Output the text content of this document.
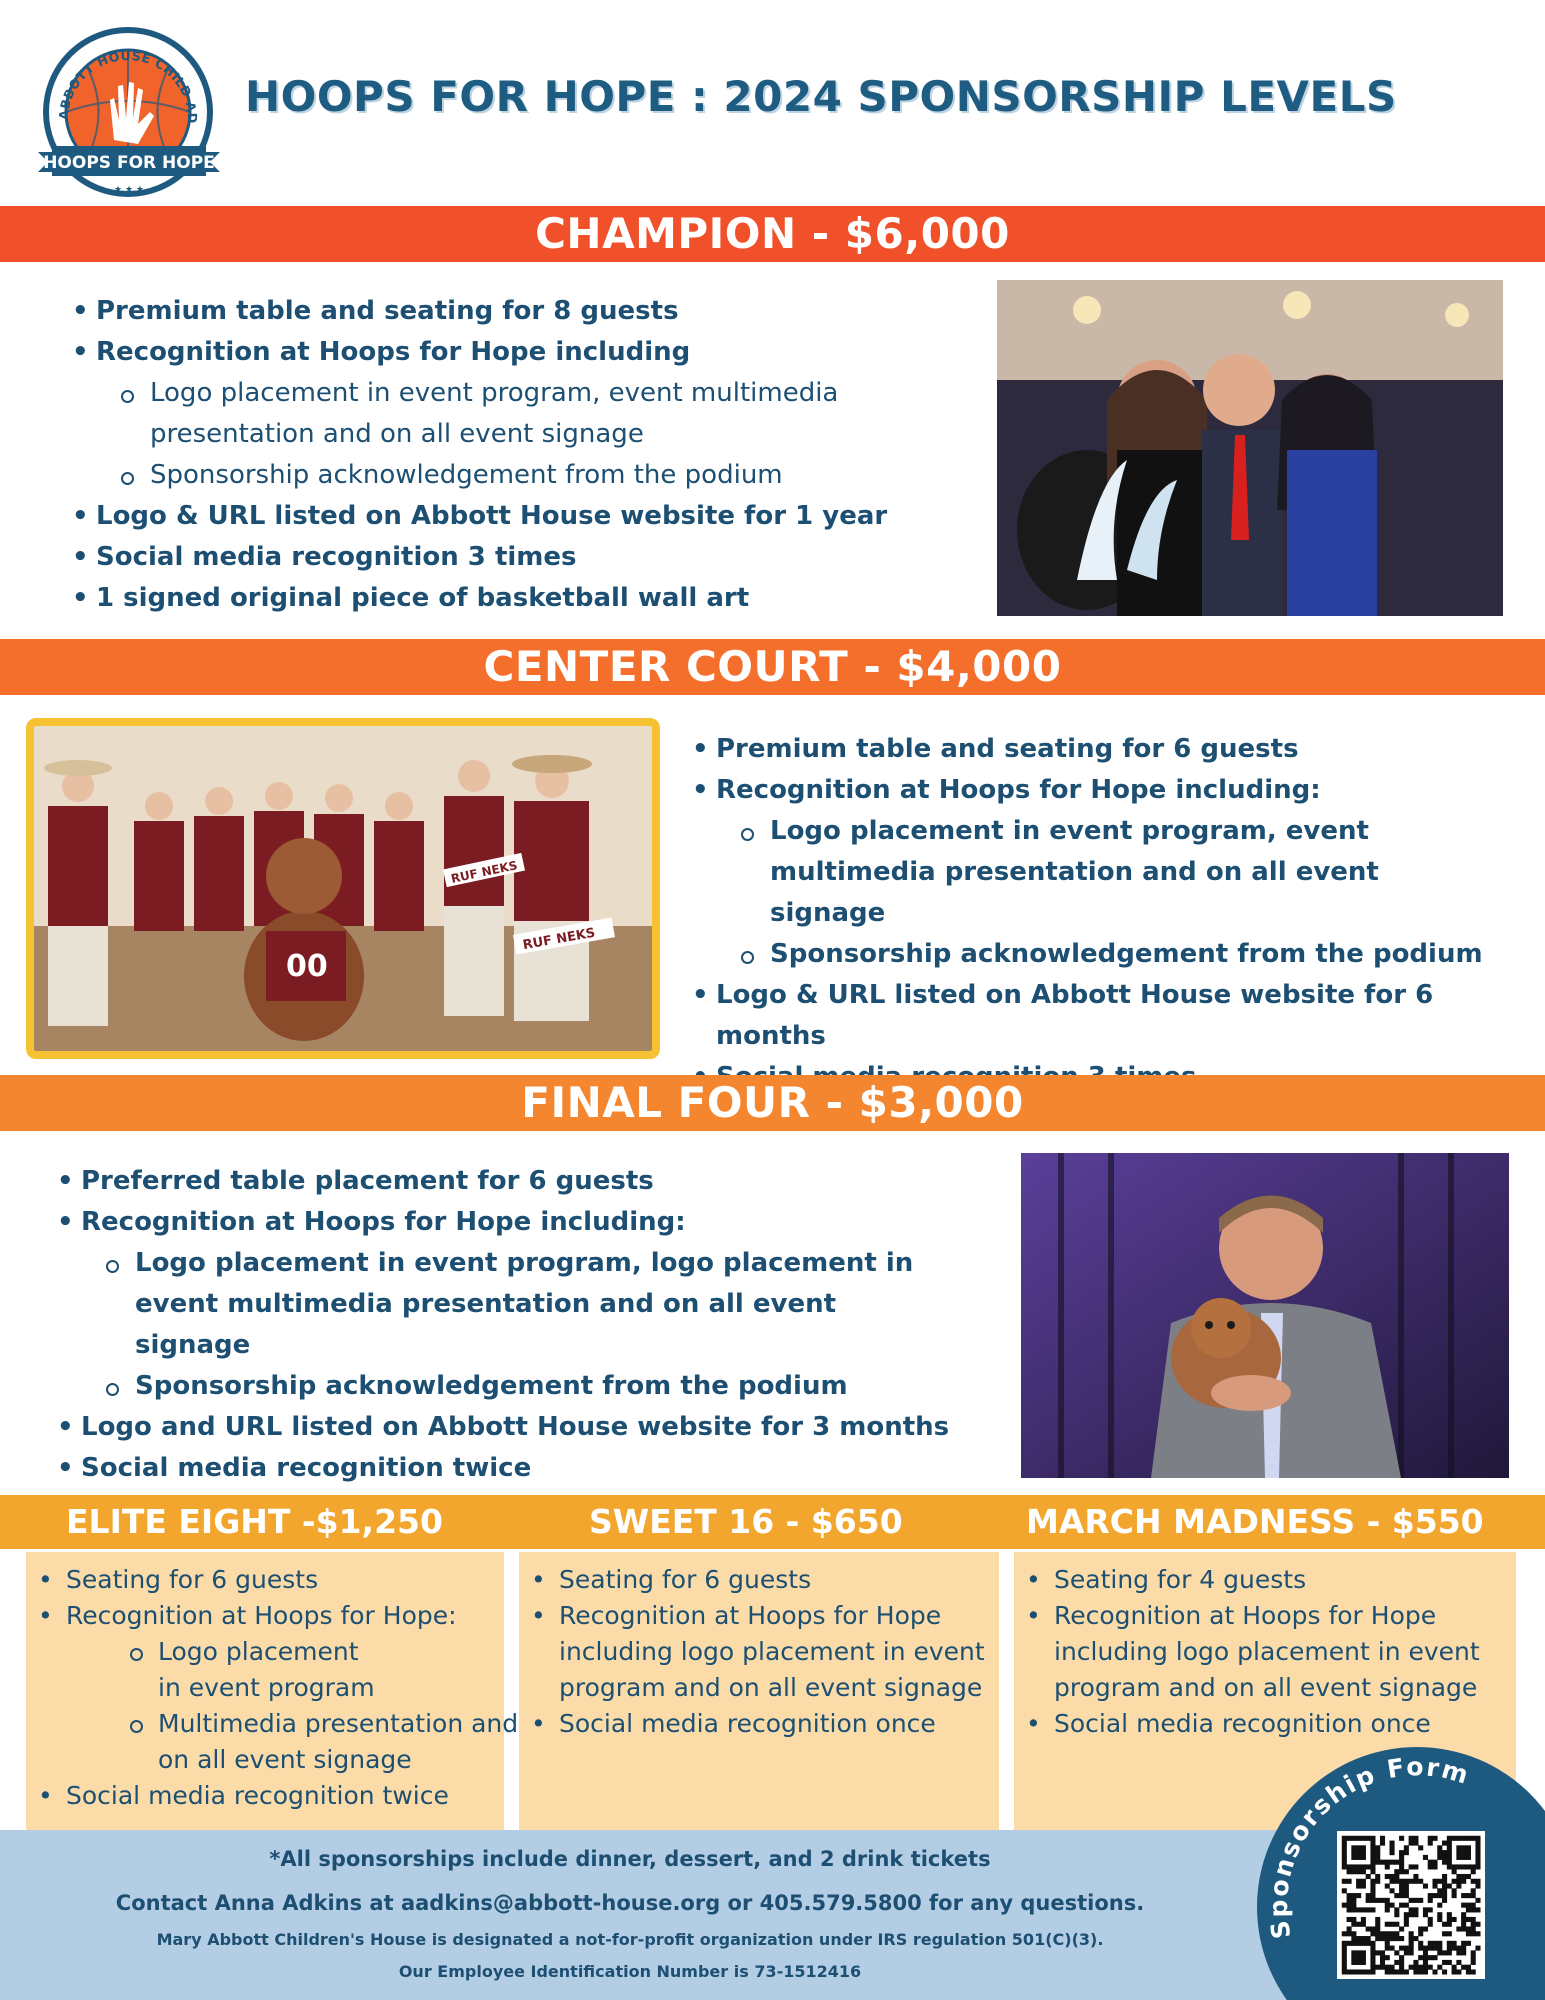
ABBOTT HOUSE CHILD AD
HOOPS FOR HOPE
★ ★ ★
HOOPS FOR HOPE : 2024 SPONSORSHIP LEVELS
CHAMPION - $6,000
• Premium table and seating for 8 guests
• Recognition at Hoops for Hope including
Logo placement in event program, event multimedia presentation and on all event signage
Sponsorship acknowledgement from the podium
• Logo & URL listed on Abbott House website for 1 year
• Social media recognition 3 times
• 1 signed original piece of basketball wall art
CENTER COURT - $4,000
00
RUF NEKS
RUF NEKS
• Premium table and seating for 6 guests
• Recognition at Hoops for Hope including:
Logo placement in event program, event multimedia presentation and on all event signage
Sponsorship acknowledgement from the podium
• Logo & URL listed on Abbott House website for 6 months
•
FINAL FOUR - $3,000
• Preferred table placement for 6 guests
• Recognition at Hoops for Hope including:
Logo placement in event program, logo placement in event multimedia presentation and on all event signage
Sponsorship acknowledgement from the podium
• Logo and URL listed on Abbott House website for 3 months
• Social media recognition twice
ELITE EIGHT -$1,250	SWEET 16 - $650	MARCH MADNESS - $550
• Seating for 6 guests
• Recognition at Hoops for Hope:
Logo placement in event program
Multimedia presentation and on all event signage
• Social media recognition twice
• Seating for 6 guests
• Recognition at Hoops for Hope including logo placement in event program and on all event signage
• Social media recognition once
• Seating for 4 guests
• Recognition at Hoops for Hope including logo placement in event program and on all event signage
• Social media recognition once
*All sponsorships include dinner, dessert, and 2 drink tickets
Contact Anna Adkins at aadkins@abbott-house.org or 405.579.5800 for any questions.
Mary Abbott Children's House is designated a not-for-profit organization under IRS regulation 501(C)(3).
Our Employee Identification Number is 73-1512416
Sponsorship Form
